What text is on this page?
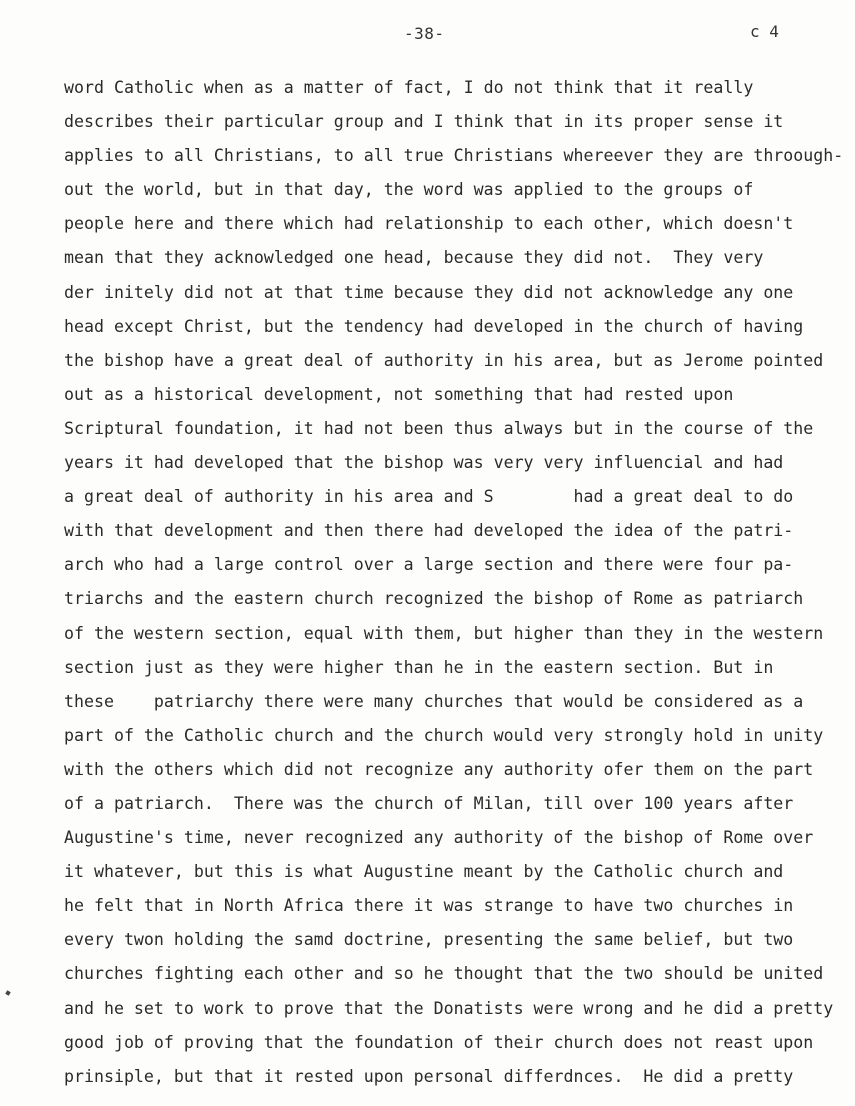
-38-	c 4
word Catholic when as a matter of fact, I do not think that it really
describes their particular group and I think that in its proper sense it
applies to all Christians, to all true Christians whereever they are throough-
out the world, but in that day, the word was applied to the groups of
people here and there which had relationship to each other, which doesn't
mean that they acknowledged one head, because they did not.  They very
der initely did not at that time because they did not acknowledge any one
head except Christ, but the tendency had developed in the church of having
the bishop have a great deal of authority in his area, but as Jerome pointed
out as a historical development, not something that had rested upon
Scriptural foundation, it had not been thus always but in the course of the
years it had developed that the bishop was very very influencial and had
a great deal of authority in his area and S        had a great deal to do
with that development and then there had developed the idea of the patri-
arch who had a large control over a large section and there were four pa-
triarchs and the eastern church recognized the bishop of Rome as patriarch
of the western section, equal with them, but higher than they in the western
section just as they were higher than he in the eastern section. But in
these    patriarchy there were many churches that would be considered as a
part of the Catholic church and the church would very strongly hold in unity
with the others which did not recognize any authority ofer them on the part
of a patriarch.  There was the church of Milan, till over 100 years after
Augustine's time, never recognized any authority of the bishop of Rome over
it whatever, but this is what Augustine meant by the Catholic church and
he felt that in North Africa there it was strange to have two churches in
every twon holding the samd doctrine, presenting the same belief, but two
churches fighting each other and so he thought that the two should be united
and he set to work to prove that the Donatists were wrong and he did a pretty
good job of proving that the foundation of their church does not reast upon
prinsiple, but that it rested upon personal differdnces.  He did a pretty
